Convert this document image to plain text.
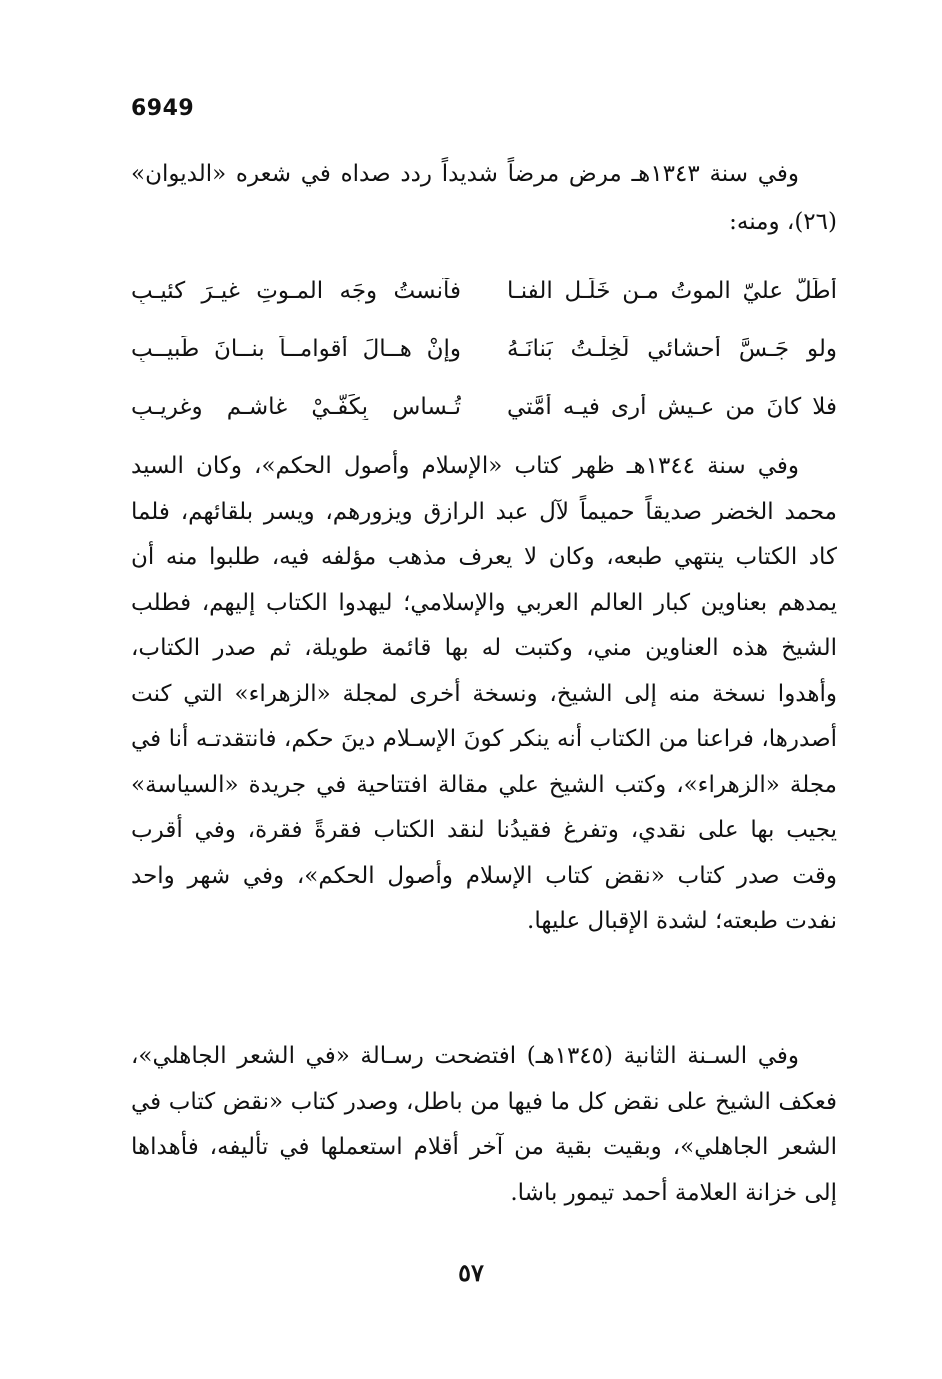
6949

وفي سنة ١٣٤٣هـ مرض مرضاً شديداً ردد صداه في شعره «الديوان» (٢٦)، ومنه:

أَطَلَّ عليّ الموتُ مـن خَلَـل الفنـا
فآنستُ وجَه المـوتِ غيـرَ كئيـبِ
ولو جَـسَّ أحشائي لَخِلْـتُ بَنانَـهُ
وإنْ هــالَ أقوامــاً بنــانَ طَبيــبِ
فلا كانَ من عـيشٍ أرى فيـه أُمَّتي
تُـساس بِكَفَّـيْ غاشـمٍ وغريـبِ

وفي سنة ١٣٤٤هـ ظهر كتاب «الإسلام وأصول الحكم»، وكان السيد محمد الخضر صديقاً حميماً لآل عبد الرازق ويزورهم، ويسر بلقائهم، فلما كاد الكتاب ينتهي طبعه، وكان لا يعرف مذهب مؤلفه فيه، طلبوا منه أن يمدهم بعناوين كبار العالم العربي والإسلامي؛ ليهدوا الكتاب إليهم، فطلب الشيخ هذه العناوين مني، وكتبت له بها قائمة طويلة، ثم صدر الكتاب، وأهدوا نسخة منه إلى الشيخ، ونسخة أخرى لمجلة «الزهراء» التي كنت أصدرها، فراعنا من الكتاب أنه ينكر كونَ الإسـلام دينَ حكم، فانتقدتـه أنا في مجلة «الزهراء»، وكتب الشيخ علي مقالة افتتاحية في جريدة «السياسة» يجيب بها على نقدي، وتفرغ فقيدُنا لنقد الكتاب فقرةً فقرة، وفي أقرب وقت صدر كتاب «نقض كتاب الإسلام وأصول الحكم»، وفي شهر واحد نفدت طبعته؛ لشدة الإقبال عليها.

وفي السـنة الثانية (١٣٤٥هـ) افتضحت رسـالة «في الشعر الجاهلي»، فعكف الشيخ على نقض كل ما فيها من باطل، وصدر كتاب «نقض كتاب في الشعر الجاهلي»، وبقيت بقية من آخر أقلام استعملها في تأليفه، فأهداها إلى خزانة العلامة أحمد تيمور باشا.

٥٧
